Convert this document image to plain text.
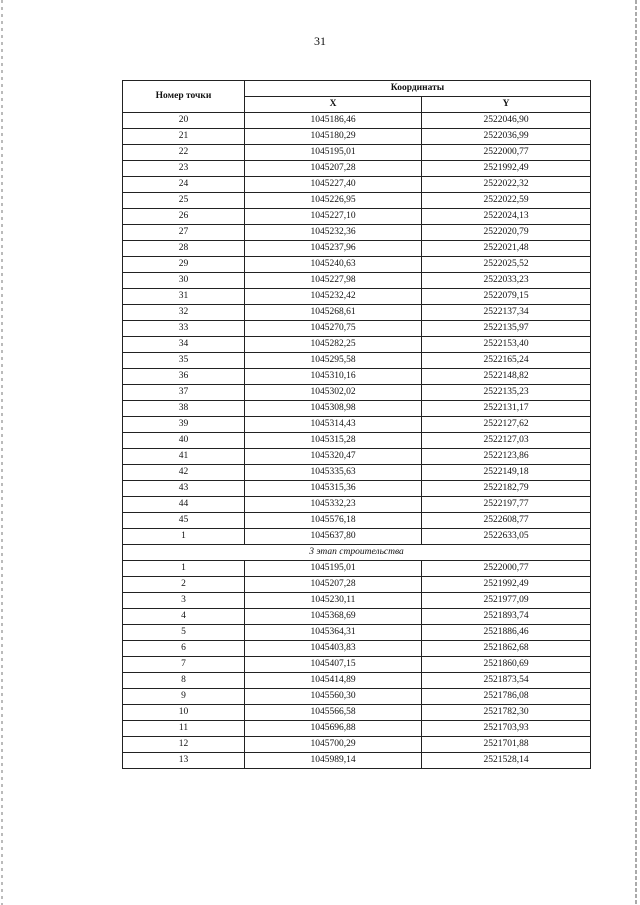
31
Номер точки	Координаты	
	X	Y
20	1045186,46	2522046,90
21	1045180,29	2522036,99
22	1045195,01	2522000,77
23	1045207,28	2521992,49
24	1045227,40	2522022,32
25	1045226,95	2522022,59
26	1045227,10	2522024,13
27	1045232,36	2522020,79
28	1045237,96	2522021,48
29	1045240,63	2522025,52
30	1045227,98	2522033,23
31	1045232,42	2522079,15
32	1045268,61	2522137,34
33	1045270,75	2522135,97
34	1045282,25	2522153,40
35	1045295,58	2522165,24
36	1045310,16	2522148,82
37	1045302,02	2522135,23
38	1045308,98	2522131,17
39	1045314,43	2522127,62
40	1045315,28	2522127,03
41	1045320,47	2522123,86
42	1045335,63	2522149,18
43	1045315,36	2522182,79
44	1045332,23	2522197,77
45	1045576,18	2522608,77
1	1045637,80	2522633,05
3 этап строительства		
1	1045195,01	2522000,77
2	1045207,28	2521992,49
3	1045230,11	2521977,09
4	1045368,69	2521893,74
5	1045364,31	2521886,46
6	1045403,83	2521862,68
7	1045407,15	2521860,69
8	1045414,89	2521873,54
9	1045560,30	2521786,08
10	1045566,58	2521782,30
11	1045696,88	2521703,93
12	1045700,29	2521701,88
13	1045989,14	2521528,14
